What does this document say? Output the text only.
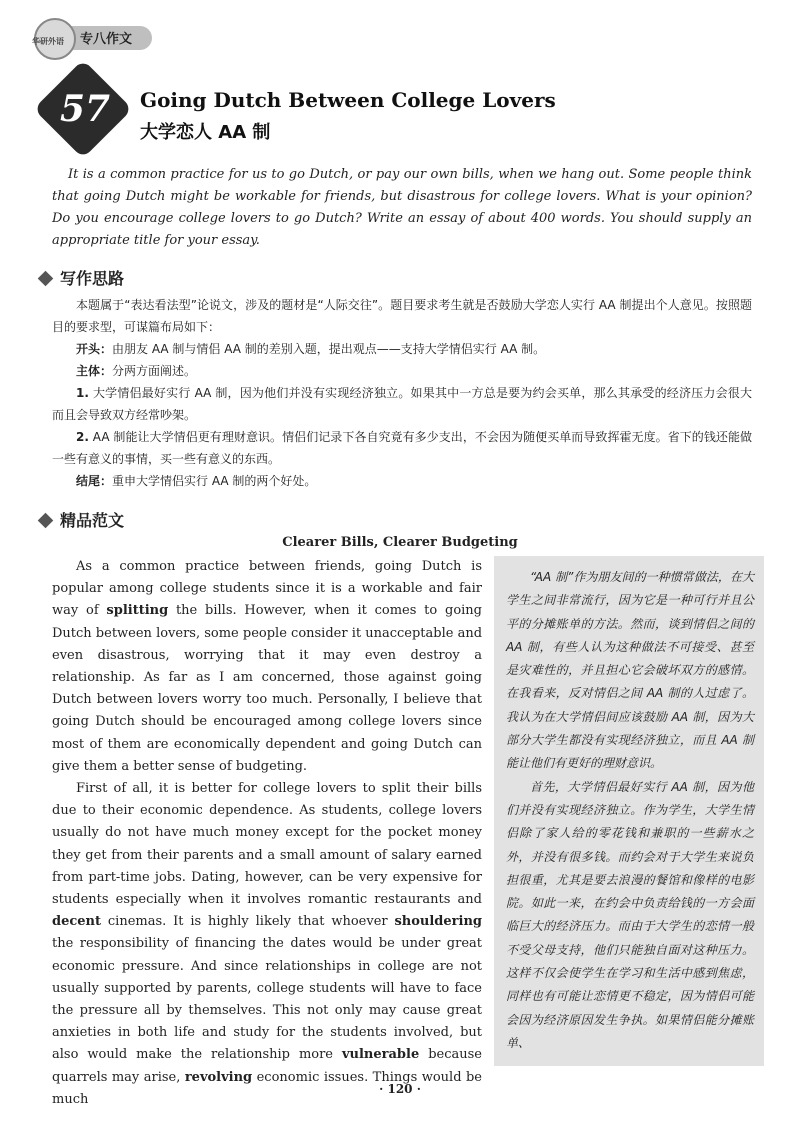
华研外语 专八作文
57	Going Dutch Between College Lovers
大学恋人 AA 制
It is a common practice for us to go Dutch, or pay our own bills, when we hang out. Some people think that going Dutch might be workable for friends, but disastrous for college lovers. What is your opinion? Do you encourage college lovers to go Dutch? Write an essay of about 400 words. You should supply an appropriate title for your essay.
写作思路

本题属于“表达看法型”论说文，涉及的题材是“人际交往”。题目要求考生就是否鼓励大学恋人实行 AA 制提出个人意见。按照题目的要求型，可谋篇布局如下：

开头：由朋友 AA 制与情侣 AA 制的差别入题，提出观点——支持大学情侣实行 AA 制。

主体：分两方面阐述。

1. 大学情侣最好实行 AA 制，因为他们并没有实现经济独立。如果其中一方总是要为约会买单，那么其承受的经济压力会很大而且会导致双方经常吵架。

2. AA 制能让大学情侣更有理财意识。情侣们记录下各自究竟有多少支出，不会因为随便买单而导致挥霍无度。省下的钱还能做一些有意义的事情，买一些有意义的东西。

结尾：重申大学情侣实行 AA 制的两个好处。

精品范文
Clearer Bills, Clearer Budgeting

As a common practice between friends, going Dutch is popular among college students since it is a workable and fair way of splitting the bills. However, when it comes to going Dutch between lovers, some people consider it unacceptable and even disastrous, worrying that it may even destroy a relationship. As far as I am concerned, those against going Dutch between lovers worry too much. Personally, I believe that going Dutch should be encouraged among college lovers since most of them are economically dependent and going Dutch can give them a better sense of budgeting.

First of all, it is better for college lovers to split their bills due to their economic dependence. As students, college lovers usually do not have much money except for the pocket money they get from their parents and a small amount of salary earned from part-time jobs. Dating, however, can be very expensive for students especially when it involves romantic restaurants and decent cinemas. It is highly likely that whoever shouldering the responsibility of financing the dates would be under great economic pressure. And since relationships in college are not usually supported by parents, college students will have to face the pressure all by themselves. This not only may cause great anxieties in both life and study for the students involved, but also would make the relationship more vulnerable because quarrels may arise, revolving economic issues. Things would be much

“AA 制”作为朋友间的一种惯常做法，在大学生之间非常流行，因为它是一种可行并且公平的分摊账单的方法。然而，谈到情侣之间的 AA 制，有些人认为这种做法不可接受、甚至是灾难性的，并且担心它会破坏双方的感情。在我看来，反对情侣之间 AA 制的人过虑了。我认为在大学情侣间应该鼓励 AA 制，因为大部分大学生都没有实现经济独立，而且 AA 制能让他们有更好的理财意识。

首先，大学情侣最好实行 AA 制，因为他们并没有实现经济独立。作为学生，大学生情侣除了家人给的零花钱和兼职的一些薪水之外，并没有很多钱。而约会对于大学生来说负担很重，尤其是要去浪漫的餐馆和像样的电影院。如此一来，在约会中负责给钱的一方会面临巨大的经济压力。而由于大学生的恋情一般不受父母支持，他们只能独自面对这种压力。这样不仅会使学生在学习和生活中感到焦虑，同样也有可能让恋情更不稳定，因为情侣可能会因为经济原因发生争执。如果情侣能分摊账单、

· 120 ·
